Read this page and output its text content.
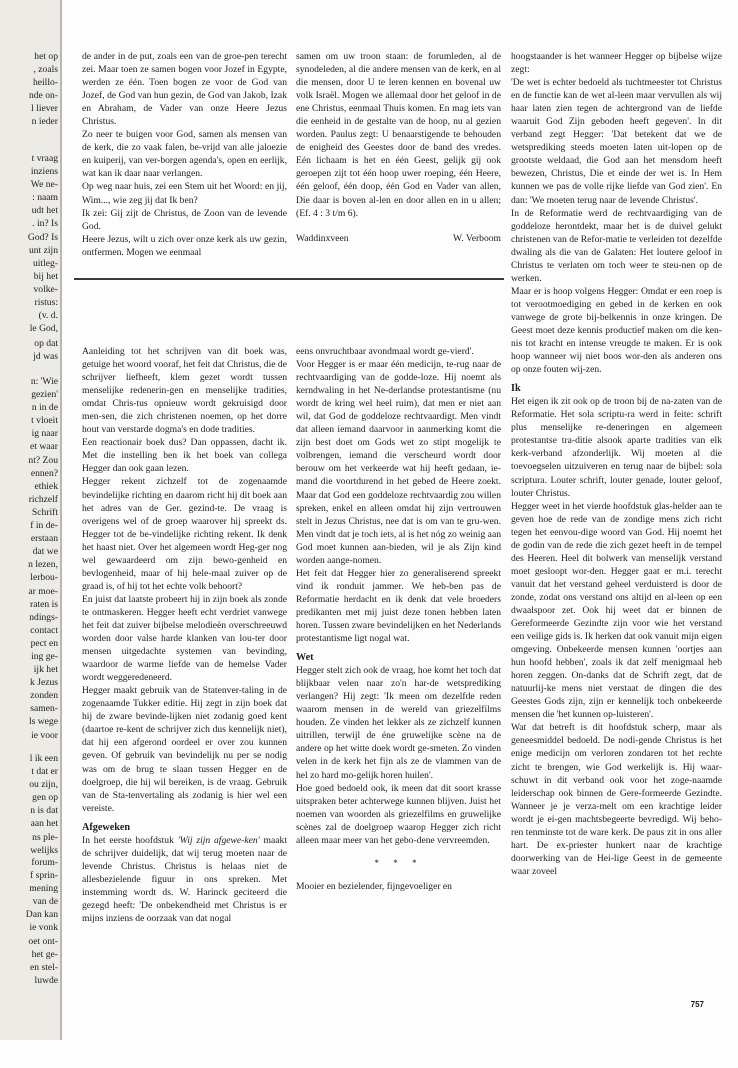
het op
, zoals
heillo-
nde on-
l liever
n ieder
t vraag
inziens
We ne-
: naam
udt het
. in? Is
God? Is
unt zijn
uitleg-
bij het
volke-
ristus:
(v. d.
le God,
op dat
jd was
n: 'Wie
gezien'
n in de
t vloeit
ig naar
et waar
nt? Zou
ennen?
ethiek
richzelf
Schrift
f in de-
erstaan
dat we
n lezen,
lerbou-
ar moe-
raten is
ndings-
contact
pect en
ing ge-
ijk het
k Jezus
zonden
samen-
ls wege
ie voor
l ik een
t dat er
ou zijn,
gen op
n is dat
aan het
ns ple-
welijks
forum-
f sprin-
mening
van de
Dan kan
ie vonk
oet ont-
het ge-
en stel-
luwde

de ander in de put, zoals een van de groe-pen terecht zei. Maar toen ze samen bogen voor Jozef in Egypte, werden ze één. Toen bogen ze voor de God van Jozef, de God van hun gezin, de God van Jakob, Izak en Abraham, de Vader van onze Heere Jezus Christus.

Zo neer te buigen voor God, samen als mensen van de kerk, die zo vaak falen, be-vrijd van alle jaloezie en kuiperij, van ver-borgen agenda's, open en eerlijk, wat kan ik daar naar verlangen.

Op weg naar huis, zei een Stem uit het Woord: en jij, Wim..., wie zeg jij dat Ik ben?

Ik zei: Gij zijt de Christus, de Zoon van de levende God.

Heere Jezus, wilt u zich over onze kerk als uw gezin, ontfermen. Mogen we eenmaal

samen om uw troon staan: de forumleden, al de synodeleden, al die andere mensen van de kerk, en al die mensen, door U te leren kennen en bovenal uw volk Israël. Mogen we allemaal door het geloof in de ene Christus, eenmaal Thuis komen. En mag iets van die eenheid in de gestalte van de hoop, nu al gezien worden. Paulus zegt: U benaarstigende te behouden de enigheid des Geestes door de band des vredes. Eén lichaam is het en één Geest, gelijk gij ook geroepen zijt tot één hoop uwer roeping, één Heere, één geloof, één doop, één God en Vader van allen, Die daar is boven al-len en door allen en in u allen; (Ef. 4 : 3 t/m 6).

Waddinxveen	W. Verboom

hoogstaander is het wanneer Hegger op bijbelse wijze zegt:

'De wet is echter bedoeld als tuchtmeester tot Christus en de functie kan de wet al-leen maar vervullen als wij haar laten zien tegen de achtergrond van de liefde waaruit God Zijn geboden heeft gegeven'. In dit verband zegt Hegger: 'Dat betekent dat we de wetsprediking steeds moeten laten uit-lopen op de grootste weldaad, die God aan het mensdom heeft bewezen, Christus, Die et einde der wet is. In Hem kunnen we pas de volle rijke liefde van God zien'. En dan: 'We moeten terug naar de levende Christus'.

In de Reformatie werd de rechtvaardiging van de goddeloze herontdekt, maar het is de duivel gelukt christenen van de Refor-matie te verleiden tot dezelfde dwaling als die van de Galaten: Het loutere geloof in Christus te verlaten om toch weer te steu-nen op de werken.

Maar er is hoop volgens Hegger: Omdat er een roep is tot verootmoediging en gebed in de kerken en ook vanwege de grote bij-belkennis in onze kringen. De Geest moet deze kennis productief maken om die ken-nis tot kracht en intense vreugde te maken. Er is ook hoop wanneer wij niet boos wor-den als anderen ons op onze fouten wij-zen.

Ik

Het eigen ik zit ook op de troon bij de na-zaten van de Reformatie. Het sola scriptu-ra werd in feite: schrift plus menselijke re-deneringen en algemeen protestantse tra-ditie alsook aparte tradities van elk kerk-verband afzonderlijk. Wij moeten al die toevoegselen uitzuiveren en terug naar de bijbel: sola scriptura. Louter schrift, louter genade, louter geloof, louter Christus.

Hegger weet in het vierde hoofdstuk glas-helder aan te geven hoe de rede van de zondige mens zich richt tegen het eenvou-dige woord van God. Hij noemt het de godin van de rede die zich gezet heeft in de tempel des Heeren. Heel dit bolwerk van menselijk verstand moet gesloopt wor-den. Hegger gaat er m.i. terecht vanuit dat het verstand geheel verduisterd is door de zonde, zodat ons verstand ons altijd en al-leen op een dwaalspoor zet. Ook hij weet dat er binnen de Gereformeerde Gezindte zijn voor wie het verstand een veilige gids is. Ik herken dat ook vanuit mijn eigen omgeving. Onbekeerde mensen kunnen 'oortjes aan hun hoofd hebben', zoals ik dat zelf menigmaal heb horen zeggen. On-danks dat de Schrift zegt, dat de natuurlij-ke mens niet verstaat de dingen die des Geestes Gods zijn, zijn er kennelijk toch onbekeerde mensen die 'het kunnen op-luisteren'.

Wat dat betreft is dit hoofdstuk scherp, maar als geneesmiddel bedoeld. De nodi-gende Christus is het enige medicijn om verloren zondaren tot het rechte zicht te brengen, wie God werkelijk is. Hij waar-schuwt in dit verband ook voor het zoge-naamde leiderschap ook binnen de Gere-formeerde Gezindte. Wanneer je je verza-melt om een krachtige leider wordt je ei-gen machtsbegeerte bevredigd. Wij beho-ren tenminste tot de ware kerk. De paus zit in ons aller hart. De ex-priester hunkert naar de krachtige doorwerking van de Hei-lige Geest in de gemeente waar zoveel

Aanleiding tot het schrijven van dit boek was, getuige het woord vooraf, het feit dat Christus, die de schrijver liefheeft, klem gezet wordt tussen menselijke redenerin-gen en menselijke tradities, omdat Chris-tus opnieuw wordt gekruisigd door men-sen, die zich christenen noemen, op het dorre hout van verstarde dogma's en dode tradities.

Een reactionair boek dus? Dan oppassen, dacht ik. Met die instelling ben ik het boek van collega Hegger dan ook gaan lezen.

Hegger rekent zichzelf tot de zogenaamde bevindelijke richting en daarom richt hij dit boek aan het adres van de Ger. gezind-te. De vraag is overigens wel of de groep waarover hij spreekt ds. Hegger tot de be-vindelijke richting rekent. Ik denk het haast niet. Over het algemeen wordt Heg-ger nog wel gewaardeerd om zijn bewo-genheid en bevlogenheid, maar of hij hele-maal zuiver op de graad is, of hij tot het echte volk behoort?

En juist dat laatste probeert hij in zijn boek als zonde te ontmaskeren. Hegger heeft echt verdriet vanwege het feit dat zuiver bijbelse melodieën overschreeuwd worden door valse harde klanken van lou-ter door mensen uitgedachte systemen van bevinding, waardoor de warme liefde van de hemelse Vader wordt weggeredeneerd.

Hegger maakt gebruik van de Statenver-taling in de zogenaamde Tukker editie. Hij zegt in zijn boek dat hij de zware bevinde-lijken niet zodanig goed kent (daartoe re-kent de schrijver zich dus kennelijk niet), dat hij een afgerond oordeel er over zou kunnen geven. Of gebruik van bevindelijk nu per se nodig was om de brug te slaan tussen Hegger en de doelgroep, die hij wil bereiken, is de vraag. Gebruik van de Sta-tenvertaling als zodanig is hier wel een vereiste.

Afgeweken

In het eerste hoofdstuk 'Wij zijn afgewe-ken' maakt de schrijver duidelijk, dat wij terug moeten naar de levende Christus. Christus is helaas niet de allesbezielende figuur in ons spreken. Met instemming wordt ds. W. Harinck geciteerd die gezegd heeft: 'De onbekendheid met Christus is er mijns inziens de oorzaak van dat nogal

eens onvruchtbaar avondmaal wordt ge-vierd'.

Voor Hegger is er maar één medicijn, te-rug naar de rechtvaardiging van de godde-loze. Hij noemt als kerndwaling in het Ne-derlandse protestantisme (nu wordt de kring wel heel ruim), dat men er niet aan wil, dat God de goddeloze rechtvaardigt. Men vindt dat alleen iemand daarvoor in aanmerking komt die zijn best doet om Gods wet zo stipt mogelijk te volbrengen, iemand die verscheurd wordt door berouw om het verkeerde wat hij heeft gedaan, ie-mand die voortdurend in het gebed de Heere zoekt. Maar dat God een goddeloze rechtvaardig zou willen spreken, enkel en alleen omdat hij zijn vertrouwen stelt in Jezus Christus, nee dat is om van te gru-wen. Men vindt dat je toch iets, al is het nóg zo weinig aan God moet kunnen aan-bieden, wil je als Zijn kind worden aange-nomen.

Het feit dat Hegger hier zo generaliserend spreekt vind ik ronduit jammer. We heb-ben pas de Reformatie herdacht en ik denk dat vele broeders predikanten met mij juist deze tonen hebben laten horen. Tussen zware bevindelijken en het Nederlands protestantisme ligt nogal wat.

Wet

Hegger stelt zich ook de vraag, hoe komt het toch dat blijkbaar velen naar zo'n har-de wetsprediking verlangen? Hij zegt: 'Ik meen om dezelfde reden waarom mensen in de wereld van griezelfilms houden. Ze vinden het lekker als ze zichzelf kunnen uitrillen, terwijl de éne gruwelijke scène na de andere op het witte doek wordt ge-smeten. Zo vinden velen in de kerk het fijn als ze de vlammen van de hel zo hard mo-gelijk horen huilen'.

Hoe goed bedoeld ook, ik meen dat dit soort krasse uitspraken beter achterwege kunnen blijven. Juist het noemen van woorden als griezelfilms en gruwelijke scènes zal de doelgroep waarop Hegger zich richt alleen maar meer van het gebo-dene vervreemden.

* * *

Mooier en bezielender, fijngevoeliger en

757
